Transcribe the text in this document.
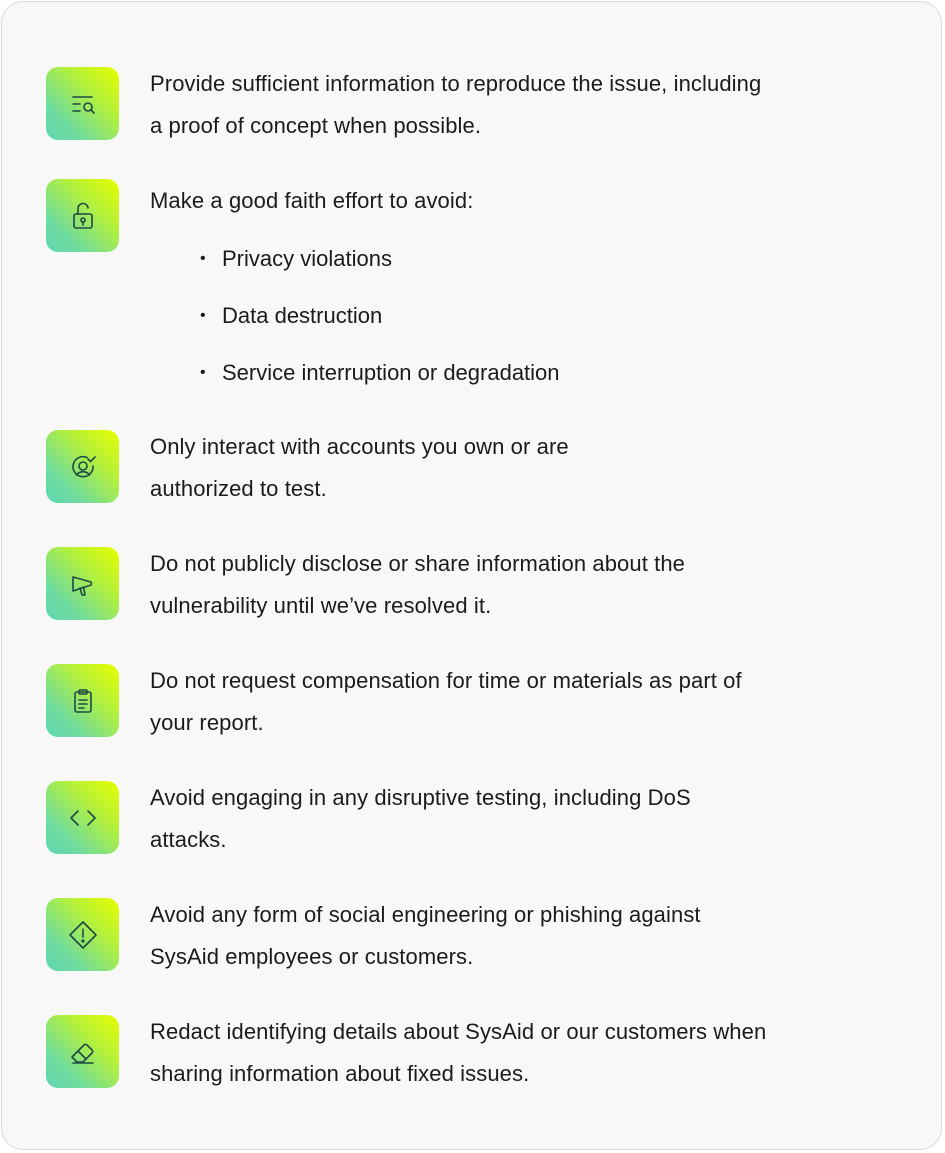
Provide sufficient information to reproduce the issue, including a proof of concept when possible.
Make a good faith effort to avoid:
• Privacy violations
• Data destruction
• Service interruption or degradation
Only interact with accounts you own or are authorized to test.
Do not publicly disclose or share information about the vulnerability until we’ve resolved it.
Do not request compensation for time or materials as part of your report.
Avoid engaging in any disruptive testing, including DoS attacks.
Avoid any form of social engineering or phishing against SysAid employees or customers.
Redact identifying details about SysAid or our customers when sharing information about fixed issues.
